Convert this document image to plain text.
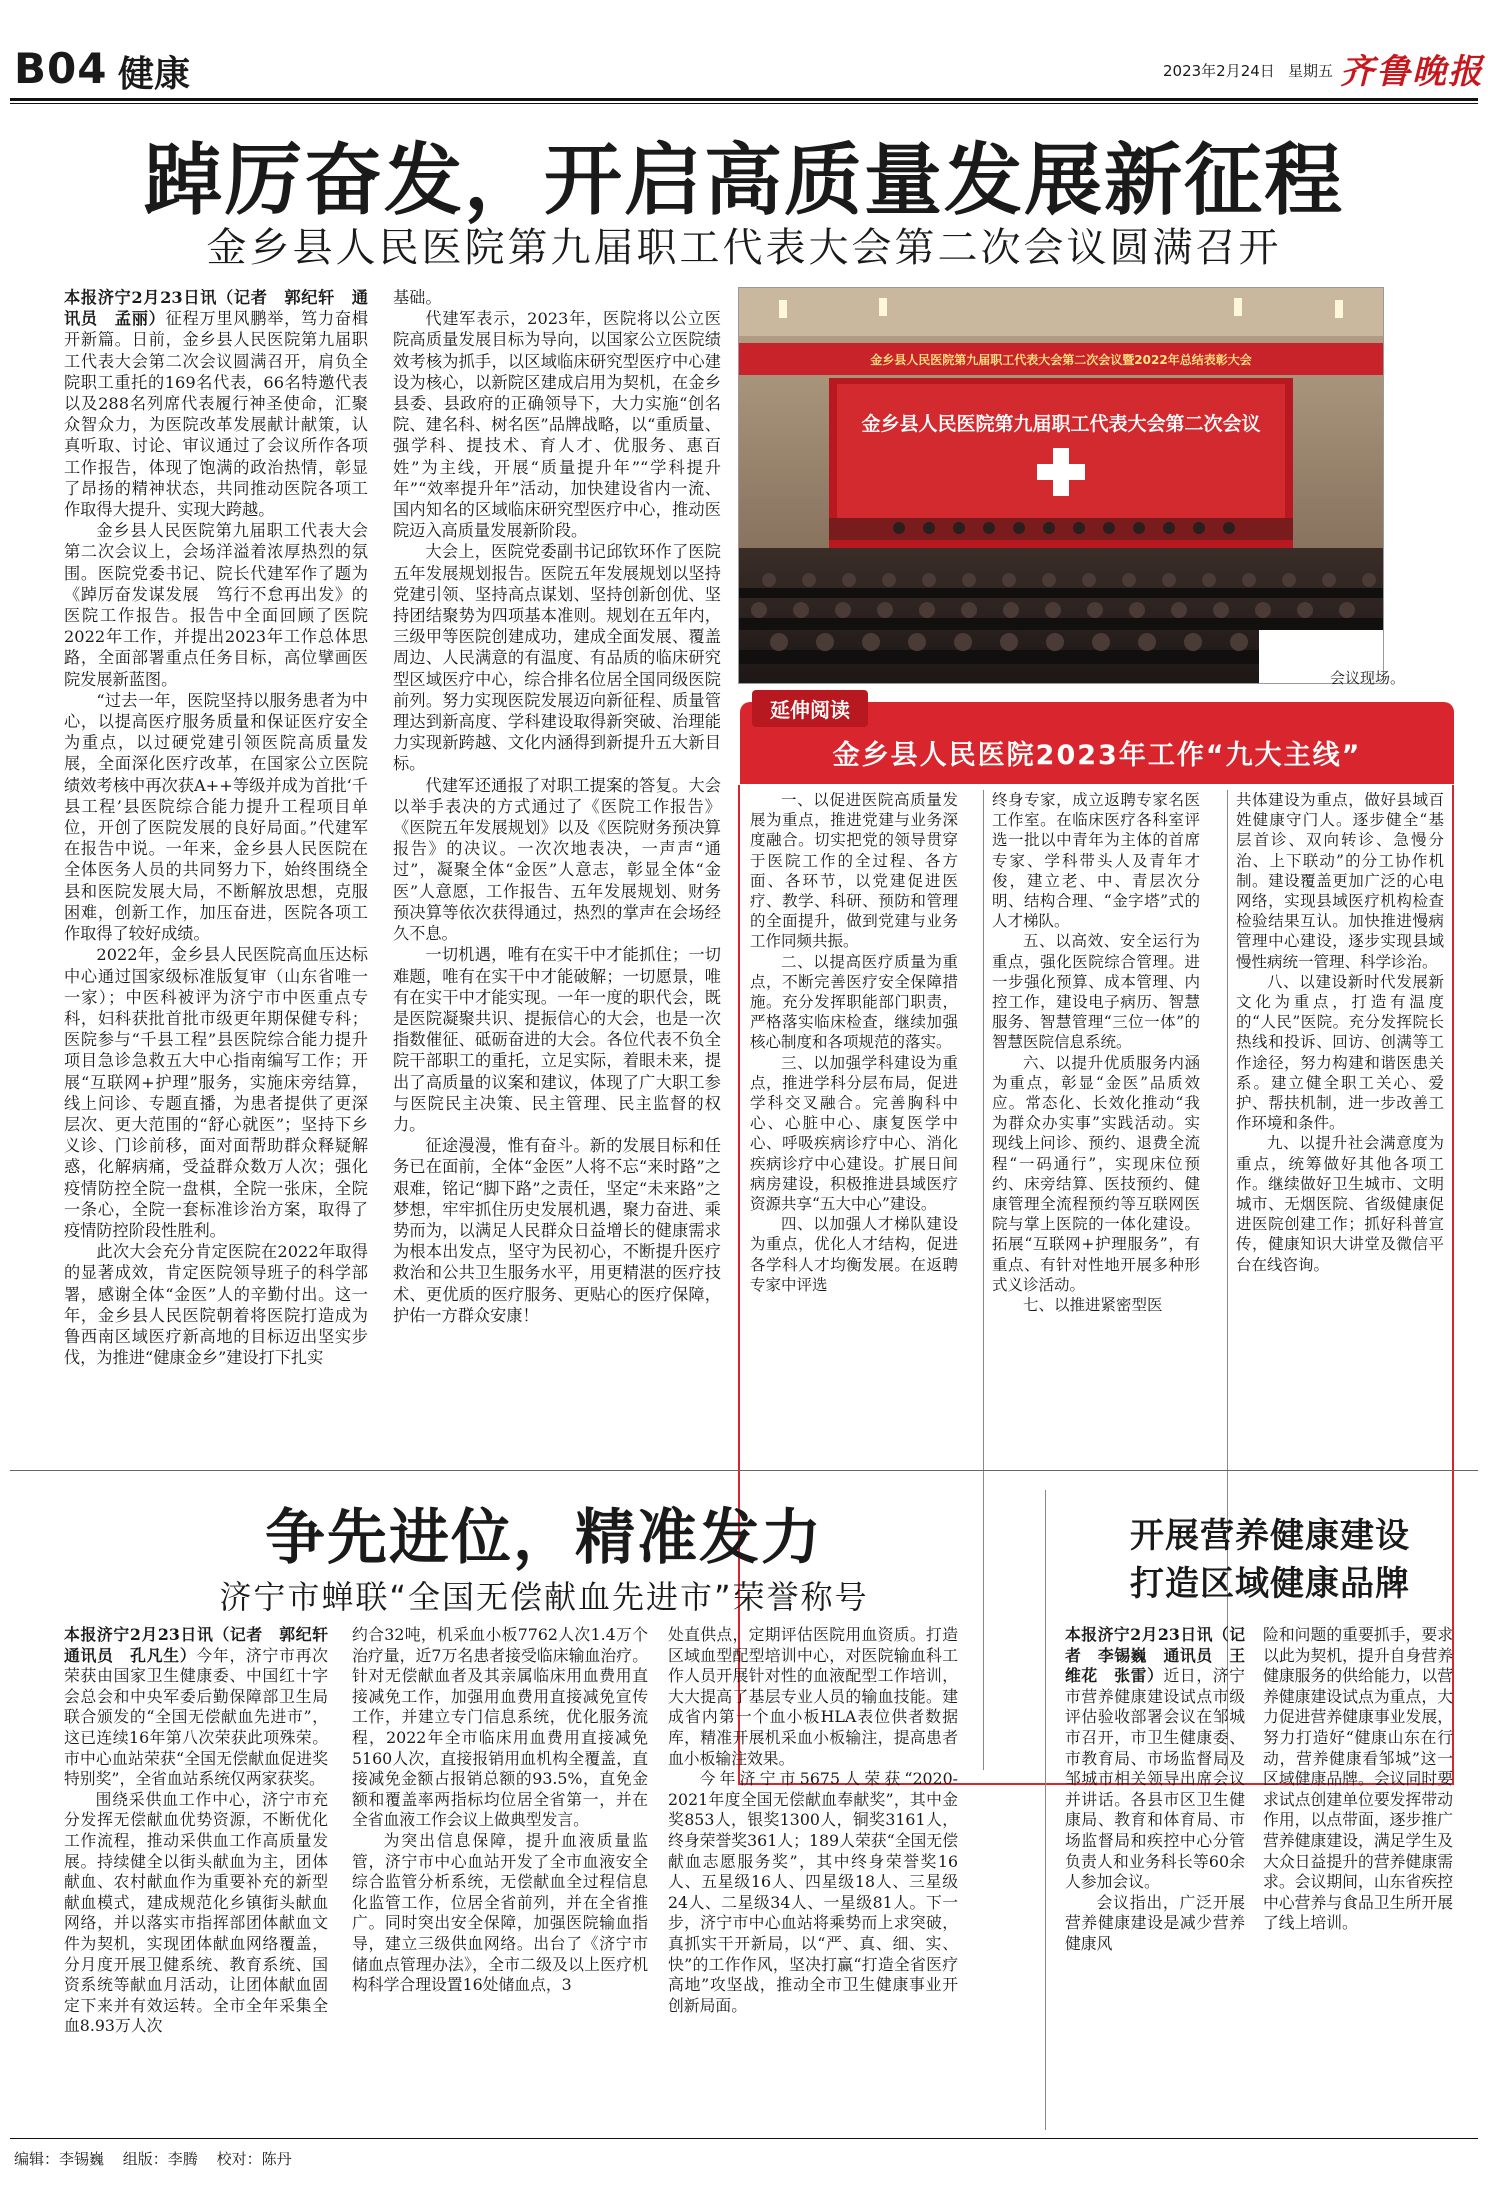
B04 健康	2023年2月24日 星期五 齐鲁晚报
踔厉奋发，开启高质量发展新征程
金乡县人民医院第九届职工代表大会第二次会议圆满召开

本报济宁2月23日讯（记者　郭纪轩　通讯员　孟丽）征程万里风鹏举，笃力奋楫开新篇。日前，金乡县人民医院第九届职工代表大会第二次会议圆满召开，肩负全院职工重托的169名代表，66名特邀代表以及288名列席代表履行神圣使命，汇聚众智众力，为医院改革发展献计献策，认真听取、讨论、审议通过了会议所作各项工作报告，体现了饱满的政治热情，彰显了昂扬的精神状态，共同推动医院各项工作取得大提升、实现大跨越。

金乡县人民医院第九届职工代表大会第二次会议上，会场洋溢着浓厚热烈的氛围。医院党委书记、院长代建军作了题为《踔厉奋发谋发展　笃行不怠再出发》的医院工作报告。报告中全面回顾了医院2022年工作，并提出2023年工作总体思路，全面部署重点任务目标，高位擘画医院发展新蓝图。

“过去一年，医院坚持以服务患者为中心，以提高医疗服务质量和保证医疗安全为重点，以过硬党建引领医院高质量发展，全面深化医疗改革，在国家公立医院绩效考核中再次获A++等级并成为首批‘千县工程’县医院综合能力提升工程项目单位，开创了医院发展的良好局面。”代建军在报告中说。一年来，金乡县人民医院在全体医务人员的共同努力下，始终围绕全县和医院发展大局，不断解放思想，克服困难，创新工作，加压奋进，医院各项工作取得了较好成绩。

2022年，金乡县人民医院高血压达标中心通过国家级标准版复审（山东省唯一一家）；中医科被评为济宁市中医重点专科，妇科获批首批市级更年期保健专科；医院参与“千县工程”县医院综合能力提升项目急诊急救五大中心指南编写工作；开展“互联网+护理”服务，实施床旁结算，线上问诊、专题直播，为患者提供了更深层次、更大范围的“舒心就医”；坚持下乡义诊、门诊前移，面对面帮助群众释疑解惑，化解病痛，受益群众数万人次；强化疫情防控全院一盘棋，全院一张床，全院一条心，全院一套标准诊治方案，取得了疫情防控阶段性胜利。

此次大会充分肯定医院在2022年取得的显著成效，肯定医院领导班子的科学部署，感谢全体“金医”人的辛勤付出。这一年，金乡县人民医院朝着将医院打造成为鲁西南区域医疗新高地的目标迈出坚实步伐，为推进“健康金乡”建设打下扎实

基础。

代建军表示，2023年，医院将以公立医院高质量发展目标为导向，以国家公立医院绩效考核为抓手，以区域临床研究型医疗中心建设为核心，以新院区建成启用为契机，在金乡县委、县政府的正确领导下，大力实施“创名院、建名科、树名医”品牌战略，以“重质量、强学科、提技术、育人才、优服务、惠百姓”为主线，开展“质量提升年”“学科提升年”“效率提升年”活动，加快建设省内一流、国内知名的区域临床研究型医疗中心，推动医院迈入高质量发展新阶段。

大会上，医院党委副书记邱钦环作了医院五年发展规划报告。医院五年发展规划以坚持党建引领、坚持高点谋划、坚持创新创优、坚持团结聚势为四项基本准则。规划在五年内，三级甲等医院创建成功，建成全面发展、覆盖周边、人民满意的有温度、有品质的临床研究型区域医疗中心，综合排名位居全国同级医院前列。努力实现医院发展迈向新征程、质量管理达到新高度、学科建设取得新突破、治理能力实现新跨越、文化内涵得到新提升五大新目标。

代建军还通报了对职工提案的答复。大会以举手表决的方式通过了《医院工作报告》《医院五年发展规划》以及《医院财务预决算报告》的决议。一次次地表决，一声声“通过”，凝聚全体“金医”人意志，彰显全体“金医”人意愿，工作报告、五年发展规划、财务预决算等依次获得通过，热烈的掌声在会场经久不息。

一切机遇，唯有在实干中才能抓住；一切难题，唯有在实干中才能破解；一切愿景，唯有在实干中才能实现。一年一度的职代会，既是医院凝聚共识、提振信心的大会，也是一次指数催征、砥砺奋进的大会。各位代表不负全院干部职工的重托，立足实际，着眼未来，提出了高质量的议案和建议，体现了广大职工参与医院民主决策、民主管理、民主监督的权力。

征途漫漫，惟有奋斗。新的发展目标和任务已在面前，全体“金医”人将不忘“来时路”之艰难，铭记“脚下路”之责任，坚定“未来路”之梦想，牢牢抓住历史发展机遇，聚力奋进、乘势而为，以满足人民群众日益增长的健康需求为根本出发点，坚守为民初心，不断提升医疗救治和公共卫生服务水平，用更精湛的医疗技术、更优质的医疗服务、更贴心的医疗保障，护佑一方群众安康！

金乡县人民医院第九届职工代表大会第二次会议暨2022年总结表彰大会
金乡县人民医院第九届职工代表大会第二次会议
会议现场。
延伸阅读
金乡县人民医院2023年工作“九大主线”

一、以促进医院高质量发展为重点，推进党建与业务深度融合。切实把党的领导贯穿于医院工作的全过程、各方面、各环节，以党建促进医疗、教学、科研、预防和管理的全面提升，做到党建与业务工作同频共振。

二、以提高医疗质量为重点，不断完善医疗安全保障措施。充分发挥职能部门职责，严格落实临床检查，继续加强核心制度和各项规范的落实。

三、以加强学科建设为重点，推进学科分层布局，促进学科交叉融合。完善胸科中心、心脏中心、康复医学中心、呼吸疾病诊疗中心、消化疾病诊疗中心建设。扩展日间病房建设，积极推进县域医疗资源共享“五大中心”建设。

四、以加强人才梯队建设为重点，优化人才结构，促进各学科人才均衡发展。在返聘专家中评选

终身专家，成立返聘专家名医工作室。在临床医疗各科室评选一批以中青年为主体的首席专家、学科带头人及青年才俊，建立老、中、青层次分明、结构合理、“金字塔”式的人才梯队。

五、以高效、安全运行为重点，强化医院综合管理。进一步强化预算、成本管理、内控工作，建设电子病历、智慧服务、智慧管理“三位一体”的智慧医院信息系统。

六、以提升优质服务内涵为重点，彰显“金医”品质效应。常态化、长效化推动“我为群众办实事”实践活动。实现线上问诊、预约、退费全流程“一码通行”，实现床位预约、床旁结算、医技预约、健康管理全流程预约等互联网医院与掌上医院的一体化建设。拓展“互联网+护理服务”，有重点、有针对性地开展多种形式义诊活动。

七、以推进紧密型医

共体建设为重点，做好县域百姓健康守门人。逐步健全“基层首诊、双向转诊、急慢分治、上下联动”的分工协作机制。建设覆盖更加广泛的心电网络，实现县域医疗机构检查检验结果互认。加快推进慢病管理中心建设，逐步实现县域慢性病统一管理、科学诊治。

八、以建设新时代发展新文化为重点，打造有温度的“人民”医院。充分发挥院长热线和投诉、回访、创满等工作途径，努力构建和谐医患关系。建立健全职工关心、爱护、帮扶机制，进一步改善工作环境和条件。

九、以提升社会满意度为重点，统筹做好其他各项工作。继续做好卫生城市、文明城市、无烟医院、省级健康促进医院创建工作；抓好科普宣传，健康知识大讲堂及微信平台在线咨询。

争先进位，精准发力
济宁市蝉联“全国无偿献血先进市”荣誉称号

本报济宁2月23日讯（记者　郭纪轩　通讯员　孔凡生）今年，济宁市再次荣获由国家卫生健康委、中国红十字会总会和中央军委后勤保障部卫生局联合颁发的“全国无偿献血先进市”，这已连续16年第八次荣获此项殊荣。市中心血站荣获“全国无偿献血促进奖特别奖”，全省血站系统仅两家获奖。

围绕采供血工作中心，济宁市充分发挥无偿献血优势资源，不断优化工作流程，推动采供血工作高质量发展。持续健全以街头献血为主，团体献血、农村献血作为重要补充的新型献血模式，建成规范化乡镇街头献血网络，并以落实市指挥部团体献血文件为契机，实现团体献血网络覆盖，分月度开展卫健系统、教育系统、国资系统等献血月活动，让团体献血固定下来并有效运转。全市全年采集全血8.93万人次

约合32吨，机采血小板7762人次1.4万个治疗量，近7万名患者接受临床输血治疗。针对无偿献血者及其亲属临床用血费用直接减免工作，加强用血费用直接减免宣传工作，并建立专门信息系统，优化服务流程，2022年全市临床用血费用直接减免5160人次，直接报销用血机构全覆盖，直接减免金额占报销总额的93.5%，直免金额和覆盖率两指标均位居全省第一，并在全省血液工作会议上做典型发言。

为突出信息保障，提升血液质量监管，济宁市中心血站开发了全市血液安全综合监管分析系统，无偿献血全过程信息化监管工作，位居全省前列，并在全省推广。同时突出安全保障，加强医院输血指导，建立三级供血网络。出台了《济宁市储血点管理办法》，全市二级及以上医疗机构科学合理设置16处储血点，3

处直供点，定期评估医院用血资质。打造区域血型配型培训中心，对医院输血科工作人员开展针对性的血液配型工作培训，大大提高了基层专业人员的输血技能。建成省内第一个血小板HLA表位供者数据库，精准开展机采血小板输注，提高患者血小板输注效果。

今年济宁市5675人荣获“2020-2021年度全国无偿献血奉献奖”，其中金奖853人，银奖1300人，铜奖3161人，终身荣誉奖361人；189人荣获“全国无偿献血志愿服务奖”，其中终身荣誉奖16人、五星级16人、四星级18人、三星级24人、二星级34人、一星级81人。下一步，济宁市中心血站将乘势而上求突破，真抓实干开新局，以“严、真、细、实、快”的工作作风，坚决打赢“打造全省医疗高地”攻坚战，推动全市卫生健康事业开创新局面。

开展营养健康建设
打造区域健康品牌

本报济宁2月23日讯（记者　李锡巍　通讯员　王维花　张雷）近日，济宁市营养健康建设试点市级评估验收部署会议在邹城市召开，市卫生健康委、市教育局、市场监督局及邹城市相关领导出席会议并讲话。各县市区卫生健康局、教育和体育局、市场监督局和疾控中心分管负责人和业务科长等60余人参加会议。

会议指出，广泛开展营养健康建设是减少营养健康风

险和问题的重要抓手，要求以此为契机，提升自身营养健康服务的供给能力，以营养健康建设试点为重点，大力促进营养健康事业发展，努力打造好“健康山东在行动，营养健康看邹城”这一区域健康品牌。会议同时要求试点创建单位要发挥带动作用，以点带面，逐步推广营养健康建设，满足学生及大众日益提升的营养健康需求。会议期间，山东省疾控中心营养与食品卫生所开展了线上培训。

编辑：李锡巍 组版：李腾 校对：陈丹
